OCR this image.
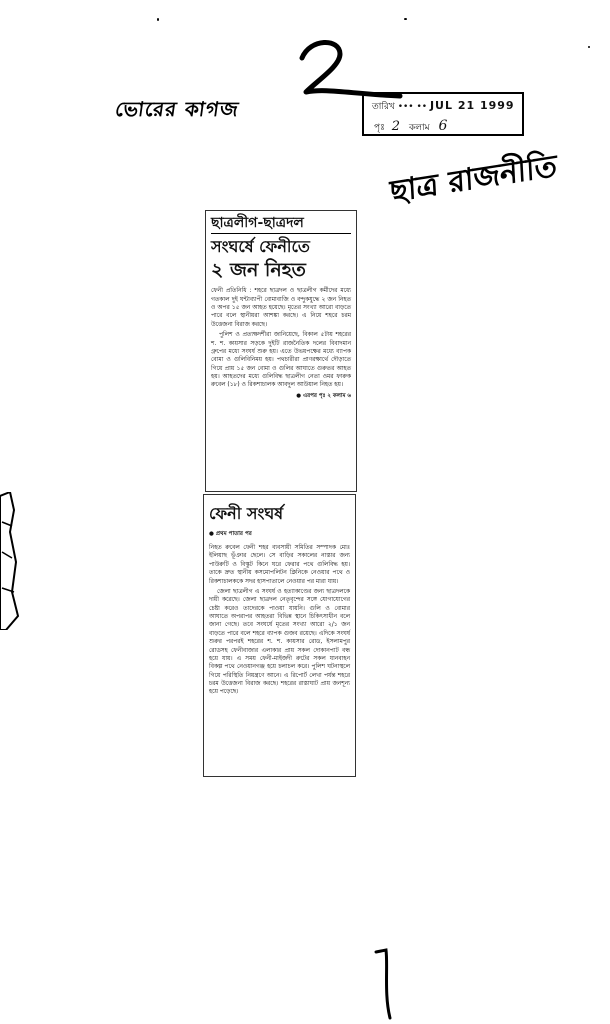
ভোরের কাগজ	তারিখ ••• •• JUL 21 1999
পৃঃ 2 কলাম 6
ছাত্র রাজনীতি
ছাত্রলীগ-ছাত্রদল
সংঘর্ষে ফেনীতে
২ জন নিহত

ফেনী প্রতিনিধি : শহরে ছাত্রদল ও ছাত্রলীগ কর্মীদের মধ্যে গতকাল দুই ঘন্টাব্যাপী বোমাবাজি ও বন্দুকযুদ্ধে ২ জন নিহত ও অপর ১৫ জন আহত হয়েছে। মৃতের সংখ্যা আরো বাড়তে পারে বলে স্থানীয়রা আশঙ্কা করছে। এ নিয়ে শহরে চরম উত্তেজনা বিরাজ করছে।

পুলিশ ও প্রত্যক্ষদর্শীরা জানিয়েছে, বিকাল ৫টায় শহরের শ. শ. কায়সার সড়কে দুইটি রাজনৈতিক দলের বিবাদমান গ্রুপের মধ্যে সংঘর্ষ শুরু হয়। এতে উভয়পক্ষের মধ্যে ব্যাপক বোমা ও গুলিবিনিময় হয়। পথচারীরা প্রাণরক্ষার্থে দৌড়াতে গিয়ে প্রায় ১৫ জন বোমা ও গুলির আঘাতে গুরুতর আহত হয়। আহতদের মধ্যে গুলিবিদ্ধ ছাত্রলীগ নেতা ওমর ফারুক রুবেল (১৮) ও রিকশাচালক আবদুল আউয়াল নিহত হয়।

● এরপর পৃঃ ২ কলাম ৬
ফেনী সংঘর্ষ
● প্রথম পাতার পর

নিহত রুবেল ফেনী শহর ব্যবসায়ী সমিতির সম্পাদক মোঃ ইলিয়াছ ভূঁঞার ছেলে। সে বাড়ির সকালের নাস্তার জন্য পাউরুটি ও বিস্কুট কিনে ঘরে ফেরার পথে গুলিবিদ্ধ হয়। তাকে দ্রুত স্থানীয় কসমোপলিটন ক্লিনিকে নেওয়ার পথে ও রিকশাচালককে সদর হাসপাতালে নেওয়ার পর মারা যায়।

জেলা ছাত্রলীগ এ সংঘর্ষ ও হত্যাকাণ্ডের জন্য ছাত্রদলকে দায়ী করেছে। জেলা ছাত্রদল নেতৃবৃন্দের সঙ্গে যোগাযোগের চেষ্টা করেও তাদেরকে পাওয়া যায়নি। গুলি ও বোমার আঘাতে অপরাপর আহতরা বিভিন্ন স্থানে চিকিৎসাধীন বলে জানা গেছে। তবে সংঘর্ষে মৃতের সংখ্যা আরো ২/১ জন বাড়তে পারে বলে শহরে ব্যাপক গুজব রয়েছে। এদিকে সংঘর্ষ শুরুর পরপরই শহরের শ. শ. কায়সার রোড, ইসলামপুর রোডসহ ফেনীবাজার এলাকার প্রায় সকল দোকানপাট বন্ধ হয়ে যায়। এ সময় ফেনী-মাইজদী রুটের সকল যানবাহন বিকল্প পথে নেওয়ানগঞ্জ হয়ে চলাচল করে। পুলিশ ঘটনাস্থলে গিয়ে পরিস্থিতি নিয়ন্ত্রণে আনে। এ রিপোর্ট লেখা পর্যন্ত শহরে চরম উত্তেজনা বিরাজ করছে। শহরের রাস্তাঘাট প্রায় জনশূন্য হয়ে পড়েছে।
